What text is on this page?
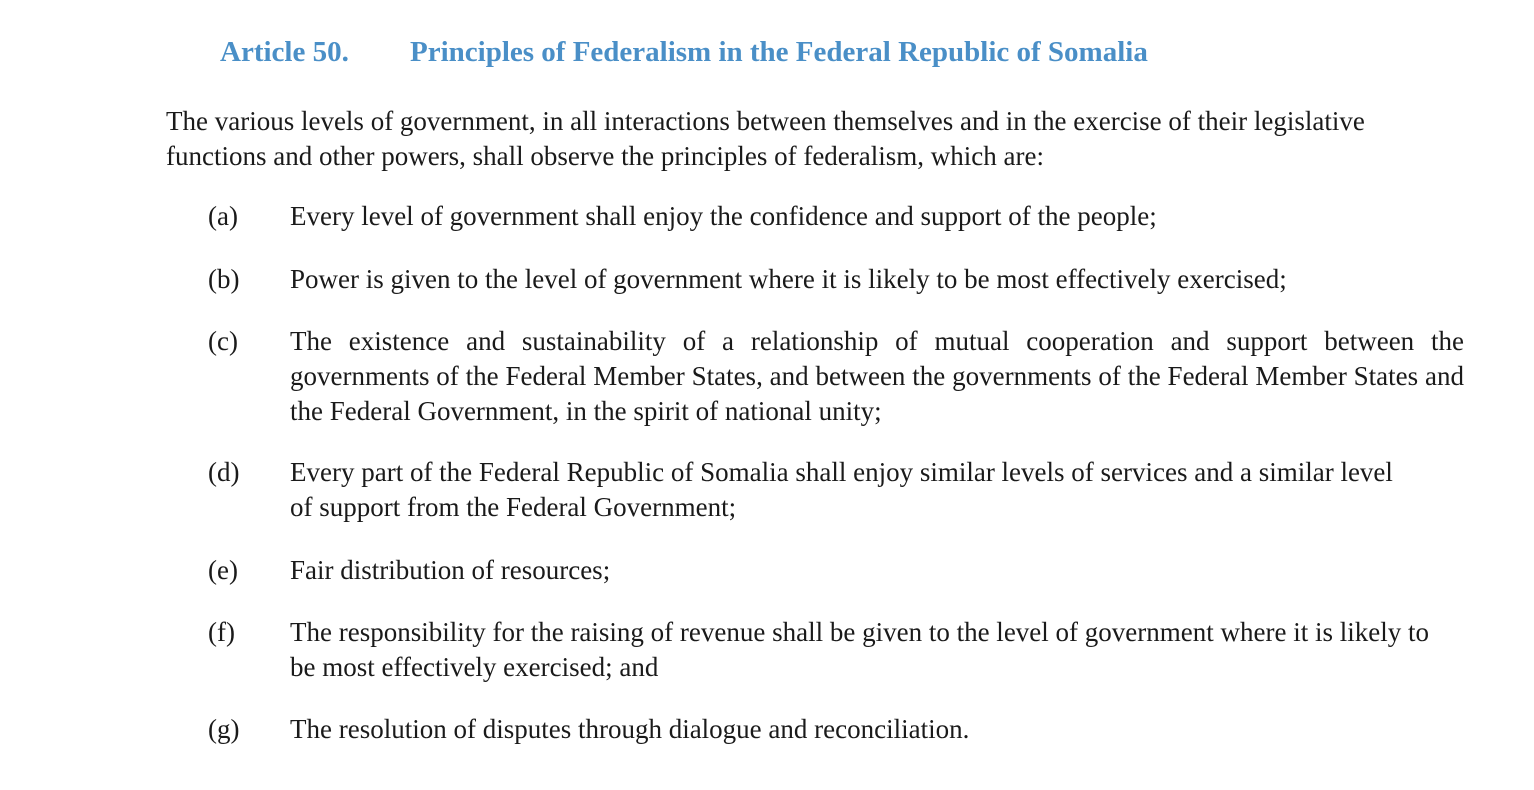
Article 50. Principles of Federalism in the Federal Republic of Somalia
The various levels of government, in all interactions between themselves and in the exercise of their legislative functions and other powers, shall observe the principles of federalism, which are:
(a) Every level of government shall enjoy the confidence and support of the people;
(b) Power is given to the level of government where it is likely to be most effectively exercised;
(c) The existence and sustainability of a relationship of mutual cooperation and support between the governments of the Federal Member States, and between the governments of the Federal Member States and the Federal Government, in the spirit of national unity;
(d) Every part of the Federal Republic of Somalia shall enjoy similar levels of services and a similar level of support from the Federal Government;
(e) Fair distribution of resources;
(f) The responsibility for the raising of revenue shall be given to the level of government where it is likely to be most effectively exercised; and
(g) The resolution of disputes through dialogue and reconciliation.
